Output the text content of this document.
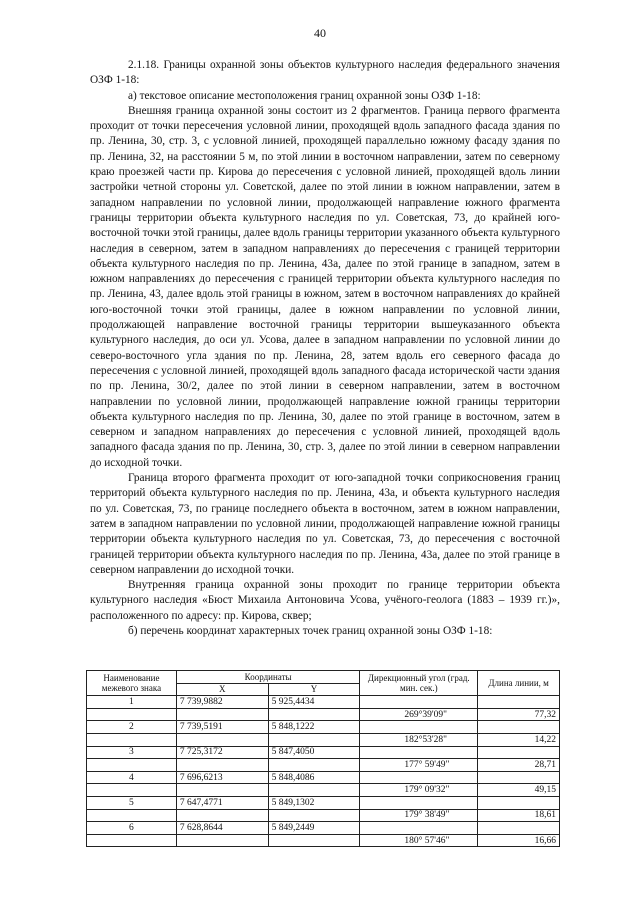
40

2.1.18. Границы охранной зоны объектов культурного наследия федерального значения ОЗФ 1-18:

а) текстовое описание местоположения границ охранной зоны ОЗФ 1-18:

Внешняя граница охранной зоны состоит из 2 фрагментов. Граница первого фрагмента проходит от точки пересечения условной линии, проходящей вдоль западного фасада здания по пр. Ленина, 30, стр. 3, с условной линией, проходящей параллельно южному фасаду здания по пр. Ленина, 32, на расстоянии 5 м, по этой линии в восточном направлении, затем по северному краю проезжей части пр. Кирова до пересечения с условной линией, проходящей вдоль линии застройки четной стороны ул. Советской, далее по этой линии в южном направлении, затем в западном направлении по условной линии, продолжающей направление южного фрагмента границы территории объекта культурного наследия по ул. Советская, 73, до крайней юго-восточной точки этой границы, далее вдоль границы территории указанного объекта культурного наследия в северном, затем в западном направлениях до пересечения с границей территории объекта культурного наследия по пр. Ленина, 43а, далее по этой границе в западном, затем в южном направлениях до пересечения с границей территории объекта культурного наследия по пр. Ленина, 43, далее вдоль этой границы в южном, затем в восточном направлениях до крайней юго-восточной точки этой границы, далее в южном направлении по условной линии, продолжающей направление восточной границы территории вышеуказанного объекта культурного наследия, до оси ул. Усова, далее в западном направлении по условной линии до северо-восточного угла здания по пр. Ленина, 28, затем вдоль его северного фасада до пересечения с условной линией, проходящей вдоль западного фасада исторической части здания по пр. Ленина, 30/2, далее по этой линии в северном направлении, затем в восточном направлении по условной линии, продолжающей направление южной границы территории объекта культурного наследия по пр. Ленина, 30, далее по этой границе в восточном, затем в северном и западном направлениях до пересечения с условной линией, проходящей вдоль западного фасада здания по пр. Ленина, 30, стр. 3, далее по этой линии в северном направлении до исходной точки.

Граница второго фрагмента проходит от юго-западной точки соприкосновения границ территорий объекта культурного наследия по пр. Ленина, 43а, и объекта культурного наследия по ул. Советская, 73, по границе последнего объекта в восточном, затем в южном направлении, затем в западном направлении по условной линии, продолжающей направление южной границы территории объекта культурного наследия по ул. Советская, 73, до пересечения с восточной границей территории объекта культурного наследия по пр. Ленина, 43а, далее по этой границе в северном направлении до исходной точки.

Внутренняя граница охранной зоны проходит по границе территории объекта культурного наследия «Бюст Михаила Антоновича Усова, учёного-геолога (1883 – 1939 гг.)», расположенного по адресу: пр. Кирова, сквер;

б) перечень координат характерных точек границ охранной зоны ОЗФ 1-18:

Наименование межевого знака	Координаты		Дирекционный угол (град. мин. сек.)	Длина линии, м
	X	Y		
1	7 739,9882	5 925,4434		
			269°39'09"	77,32
2	7 739,5191	5 848,1222		
			182°53'28"	14,22
3	7 725,3172	5 847,4050		
			177° 59'49"	28,71
4	7 696,6213	5 848,4086		
			179° 09'32"	49,15
5	7 647,4771	5 849,1302		
			179° 38'49"	18,61
6	7 628,8644	5 849,2449		
			180° 57'46"	16,66
